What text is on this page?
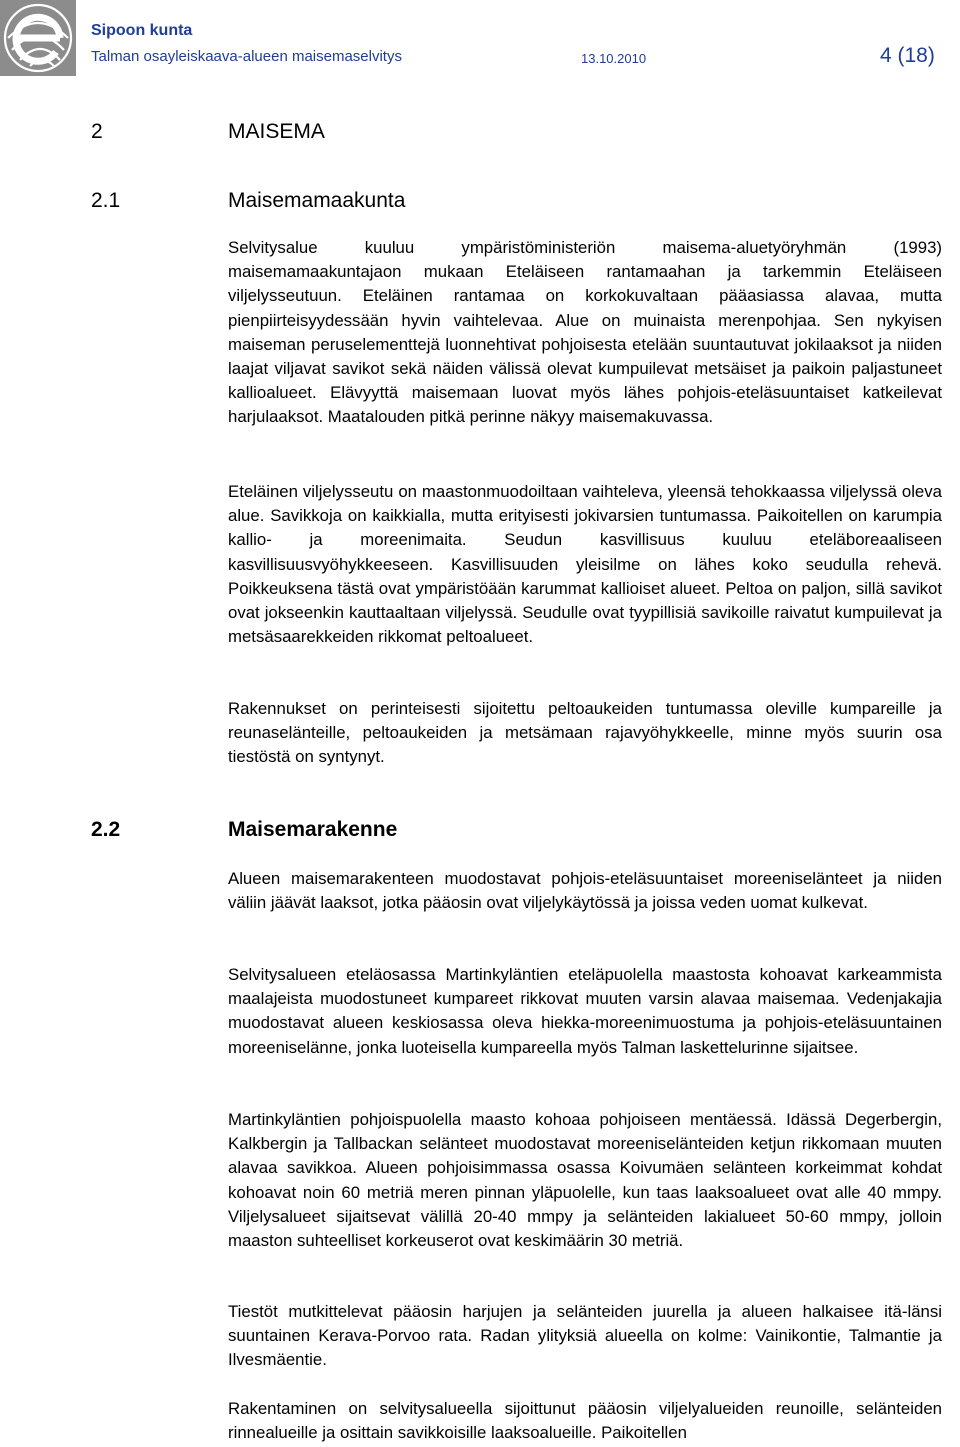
Sipoon kunta
Talman osayleiskaava-alueen maisemaselvitys	13.10.2010	4 (18)
2	MAISEMA
2.1	Maisemamaakunta

Selvitysalue kuuluu ympäristöministeriön maisema-aluetyöryhmän (1993) maisemamaakuntajaon mukaan Eteläiseen rantamaahan ja tarkemmin Eteläiseen viljelysseutuun. Eteläinen rantamaa on korkokuvaltaan pääasiassa alavaa, mutta pienpiirteisyydessään hyvin vaihtelevaa. Alue on muinaista merenpohjaa. Sen nykyisen maiseman peruselementtejä luonnehtivat pohjoisesta etelään suuntautuvat jokilaaksot ja niiden laajat viljavat savikot sekä näiden välissä olevat kumpuilevat metsäiset ja paikoin paljastuneet kallioalueet. Elävyyttä maisemaan luovat myös lähes pohjois-eteläsuuntaiset katkeilevat harjulaaksot. Maatalouden pitkä perinne näkyy maisemakuvassa.

Eteläinen viljelysseutu on maastonmuodoiltaan vaihteleva, yleensä tehokkaassa viljelyssä oleva alue. Savikkoja on kaikkialla, mutta erityisesti jokivarsien tuntumassa. Paikoitellen on karumpia kallio- ja moreenimaita. Seudun kasvillisuus kuuluu eteläboreaaliseen kasvillisuusvyöhykkeeseen. Kasvillisuuden yleisilme on lähes koko seudulla rehevä. Poikkeuksena tästä ovat ympäristöään karummat kallioiset alueet. Peltoa on paljon, sillä savikot ovat jokseenkin kauttaaltaan viljelyssä. Seudulle ovat tyypillisiä savikoille raivatut kumpuilevat ja metsäsaarekkeiden rikkomat peltoalueet.

Rakennukset on perinteisesti sijoitettu peltoaukeiden tuntumassa oleville kumpareille ja reunaselänteille, peltoaukeiden ja metsämaan rajavyöhykkeelle, minne myös suurin osa tiestöstä on syntynyt.

2.2	Maisemarakenne

Alueen maisemarakenteen muodostavat pohjois-eteläsuuntaiset moreeniselänteet ja niiden väliin jäävät laaksot, jotka pääosin ovat viljelykäytössä ja joissa veden uomat kulkevat.

Selvitysalueen eteläosassa Martinkyläntien eteläpuolella maastosta kohoavat karkeammista maalajeista muodostuneet kumpareet rikkovat muuten varsin alavaa maisemaa. Vedenjakajia muodostavat alueen keskiosassa oleva hiekka-moreenimuostuma ja pohjois-eteläsuuntainen moreeniselänne, jonka luoteisella kumpareella myös Talman laskettelurinne sijaitsee.

Martinkyläntien pohjoispuolella maasto kohoaa pohjoiseen mentäessä. Idässä Degerbergin, Kalkbergin ja Tallbackan selänteet muodostavat moreeniselänteiden ketjun rikkomaan muuten alavaa savikkoa. Alueen pohjoisimmassa osassa Koivumäen selänteen korkeimmat kohdat kohoavat noin 60 metriä meren pinnan yläpuolelle, kun taas laaksoalueet ovat alle 40 mmpy. Viljelysalueet sijaitsevat välillä 20-40 mmpy ja selänteiden lakialueet 50-60 mmpy, jolloin maaston suhteelliset korkeuserot ovat keskimäärin 30 metriä.

Tiestöt mutkittelevat pääosin harjujen ja selänteiden juurella ja alueen halkaisee itä-länsi suuntainen Kerava-Porvoo rata. Radan ylityksiä alueella on kolme: Vainikontie, Talmantie ja Ilvesmäentie.

Rakentaminen on selvitysalueella sijoittunut pääosin viljelyalueiden reunoille, selänteiden rinnealueille ja osittain savikkoisille laaksoalueille. Paikoitellen
